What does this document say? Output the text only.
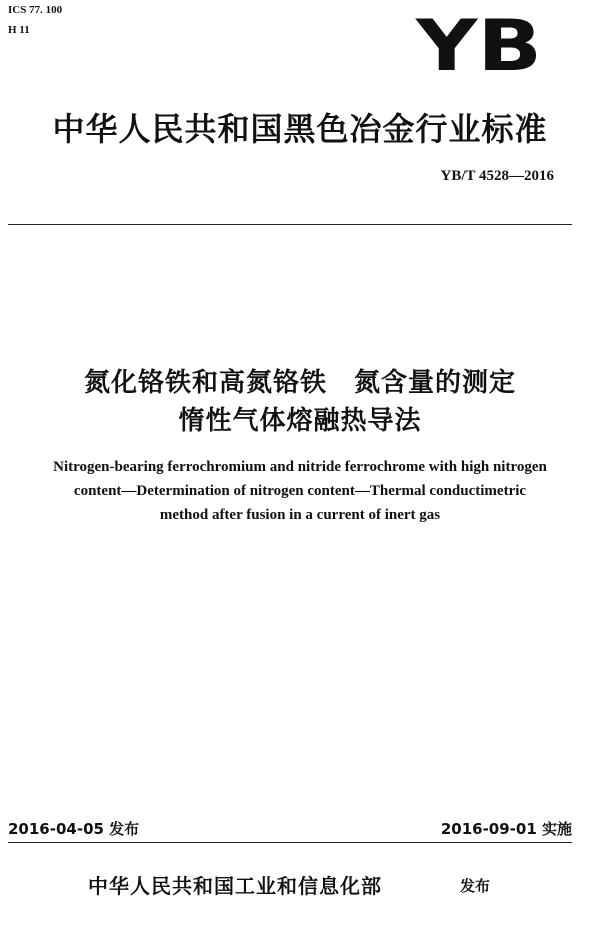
ICS 77. 100
H 11	YB
中华人民共和国黑色冶金行业标准
YB/T 4528—2016
氮化铬铁和高氮铬铁　氮含量的测定
惰性气体熔融热导法
Nitrogen-bearing ferrochromium and nitride ferrochrome with high nitrogen
content—Determination of nitrogen content—Thermal conductimetric
method after fusion in a current of inert gas
2016-04-05 发布	2016-09-01 实施
中华人民共和国工业和信息化部	发布
